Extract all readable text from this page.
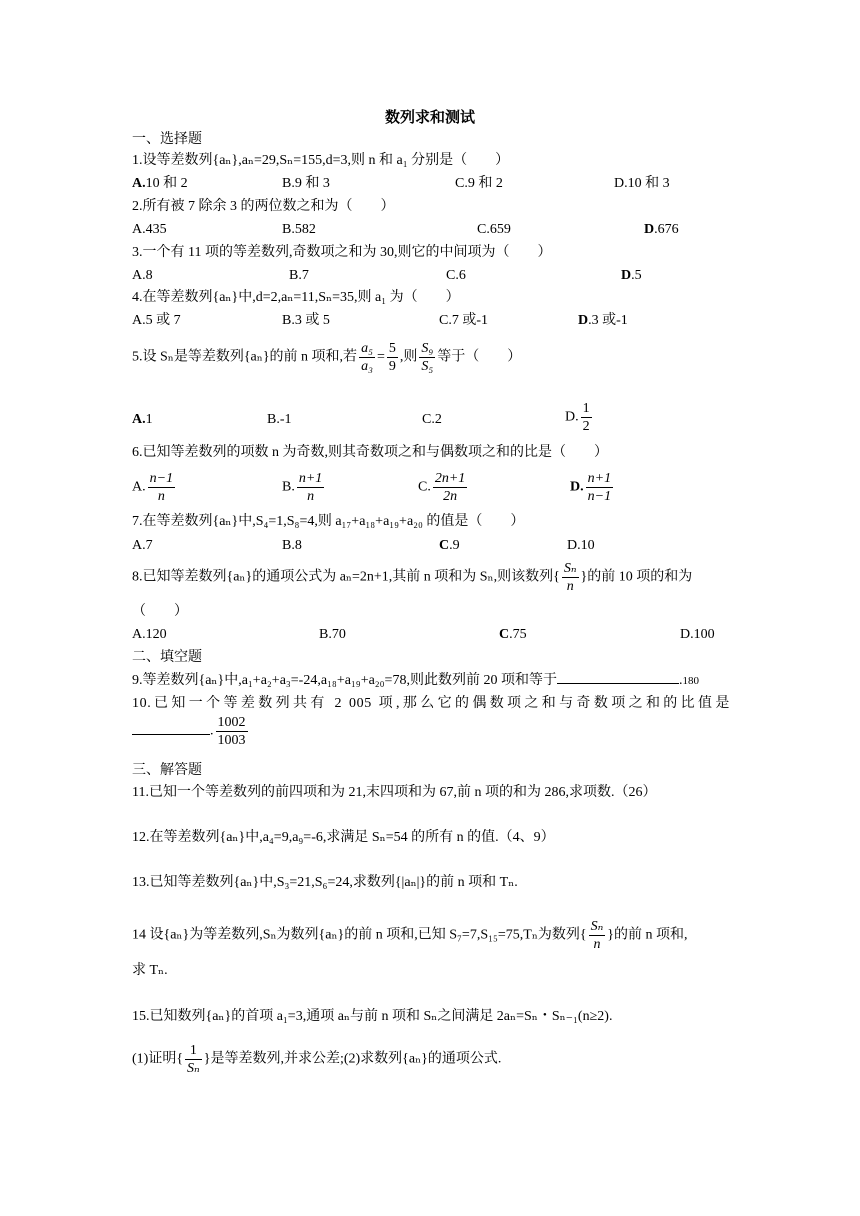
数列求和测试
一、选择题
1.设等差数列{aₙ},aₙ=29,Sₙ=155,d=3,则 n 和 a₁ 分别是（　　）
A.10 和 2	B.9 和 3	C.9 和 2	D.10 和 3
2.所有被 7 除余 3 的两位数之和为（　　）
A.435	B.582	C.659	D.676
3.一个有 11 项的等差数列,奇数项之和为 30,则它的中间项为（　　）
A.8	B.7	C.6	D.5
4.在等差数列{aₙ}中,d=2,aₙ=11,Sₙ=35,则 a₁ 为（　　）
A.5 或 7	B.3 或 5	C.7 或-1	D.3 或-1
5.设 Sₙ是等差数列{aₙ}的前 n 项和,若 $\frac{\text{a₅}}{\text{a₃}} = \frac{5}{9}$ ,则 $\frac{\text{S₉}}{\text{S₅}}$ 等于（　　）
A.1	B.-1	C.2	D. $\frac{1}{2}$
6.已知等差数列的项数 n 为奇数,则其奇数项之和与偶数项之和的比是（　　）
A. $\frac{n-1}{n}$	B. $\frac{n+1}{n}$	C. $\frac{2n+1}{2n}$	D. $\frac{n+1}{n-1}$
7.在等差数列{aₙ}中,S₄=1,S₈=4,则 a₁₇+a₁₈+a₁₉+a₂₀ 的值是（　　）
A.7	B.8	C.9	D.10
8.已知等差数列{aₙ}的通项公式为 aₙ=2n+1,其前 n 项和为 Sₙ,则该数列{ $\frac{\text{Sₙ}}{n}$ }的前 10 项的和为
（　　）
A.120	B.70	C.75	D.100
二、填空题
9.等差数列{aₙ}中,a₁+a₂+a₃=-24,a₁₈+a₁₉+a₂₀=78,则此数列前 20 项和等于	.180
10.已知一个等差数列共有 2 005 项,那么它的偶数项之和与奇数项之和的比值是
. $\frac{1002}{1003}$
三、解答题
11.已知一个等差数列的前四项和为 21,末四项和为 67,前 n 项的和为 286,求项数.（26）
12.在等差数列{aₙ}中,a₄=9,a₉=-6,求满足 Sₙ=54 的所有 n 的值.（4、9）
13.已知等差数列{aₙ}中,S₃=21,S₆=24,求数列{|aₙ|}的前 n 项和 Tₙ.
14 设{aₙ}为等差数列,Sₙ为数列{aₙ}的前 n 项和,已知 S₇=7,S₁₅=75,Tₙ为数列{ $\frac{\text{Sₙ}}{n}$ }的前 n 项和,
求 Tₙ.
15.已知数列{aₙ}的首项 a₁=3,通项 aₙ与前 n 项和 Sₙ之间满足 2aₙ=Sₙ・Sₙ₋₁(n≥2).
(1)证明{ $\frac{1}{\text{Sₙ}}$ }是等差数列,并求公差;(2)求数列{aₙ}的通项公式.
